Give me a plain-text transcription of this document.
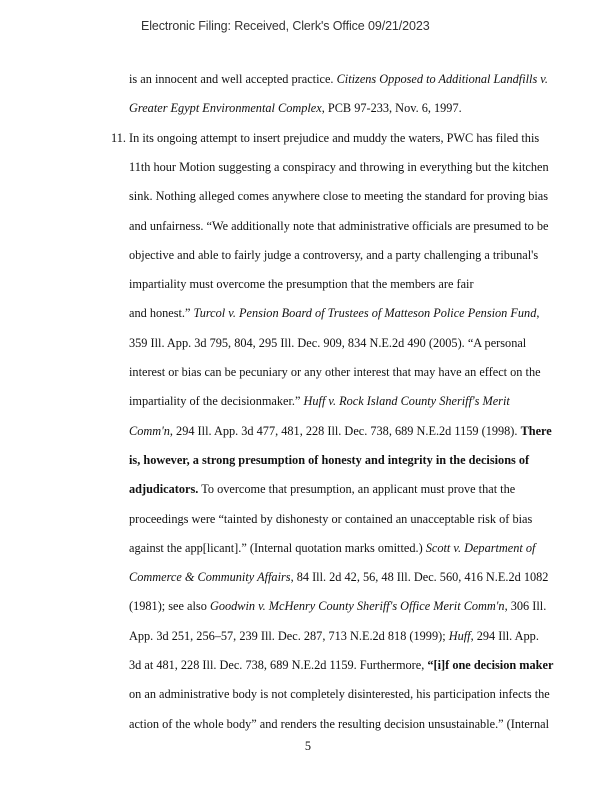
Electronic Filing: Received, Clerk's Office 09/21/2023
11.
is an innocent and well accepted practice. Citizens Opposed to Additional Landfills v.
Greater Egypt Environmental Complex, PCB 97-233, Nov. 6, 1997.
In its ongoing attempt to insert prejudice and muddy the waters, PWC has filed this
11th hour Motion suggesting a conspiracy and throwing in everything but the kitchen
sink. Nothing alleged comes anywhere close to meeting the standard for proving bias
and unfairness. “We additionally note that administrative officials are presumed to be
objective and able to fairly judge a controversy, and a party challenging a tribunal's
impartiality must overcome the presumption that the members are fair
and honest.” Turcol v. Pension Board of Trustees of Matteson Police Pension Fund,
359 Ill. App. 3d 795, 804, 295 Ill. Dec. 909, 834 N.E.2d 490 (2005). “A personal
interest or bias can be pecuniary or any other interest that may have an effect on the
impartiality of the decisionmaker.” Huff v. Rock Island County Sheriff's Merit
Comm'n, 294 Ill. App. 3d 477, 481, 228 Ill. Dec. 738, 689 N.E.2d 1159 (1998). There
is, however, a strong presumption of honesty and integrity in the decisions of
adjudicators. To overcome that presumption, an applicant must prove that the
proceedings were “tainted by dishonesty or contained an unacceptable risk of bias
against the app[licant].” (Internal quotation marks omitted.) Scott v. Department of
Commerce & Community Affairs, 84 Ill. 2d 42, 56, 48 Ill. Dec. 560, 416 N.E.2d 1082
(1981); see also Goodwin v. McHenry County Sheriff's Office Merit Comm'n, 306 Ill.
App. 3d 251, 256–57, 239 Ill. Dec. 287, 713 N.E.2d 818 (1999); Huff, 294 Ill. App.
3d at 481, 228 Ill. Dec. 738, 689 N.E.2d 1159. Furthermore, “[i]f one decision maker
on an administrative body is not completely disinterested, his participation infects the
action of the whole body” and renders the resulting decision unsustainable.” (Internal
5
